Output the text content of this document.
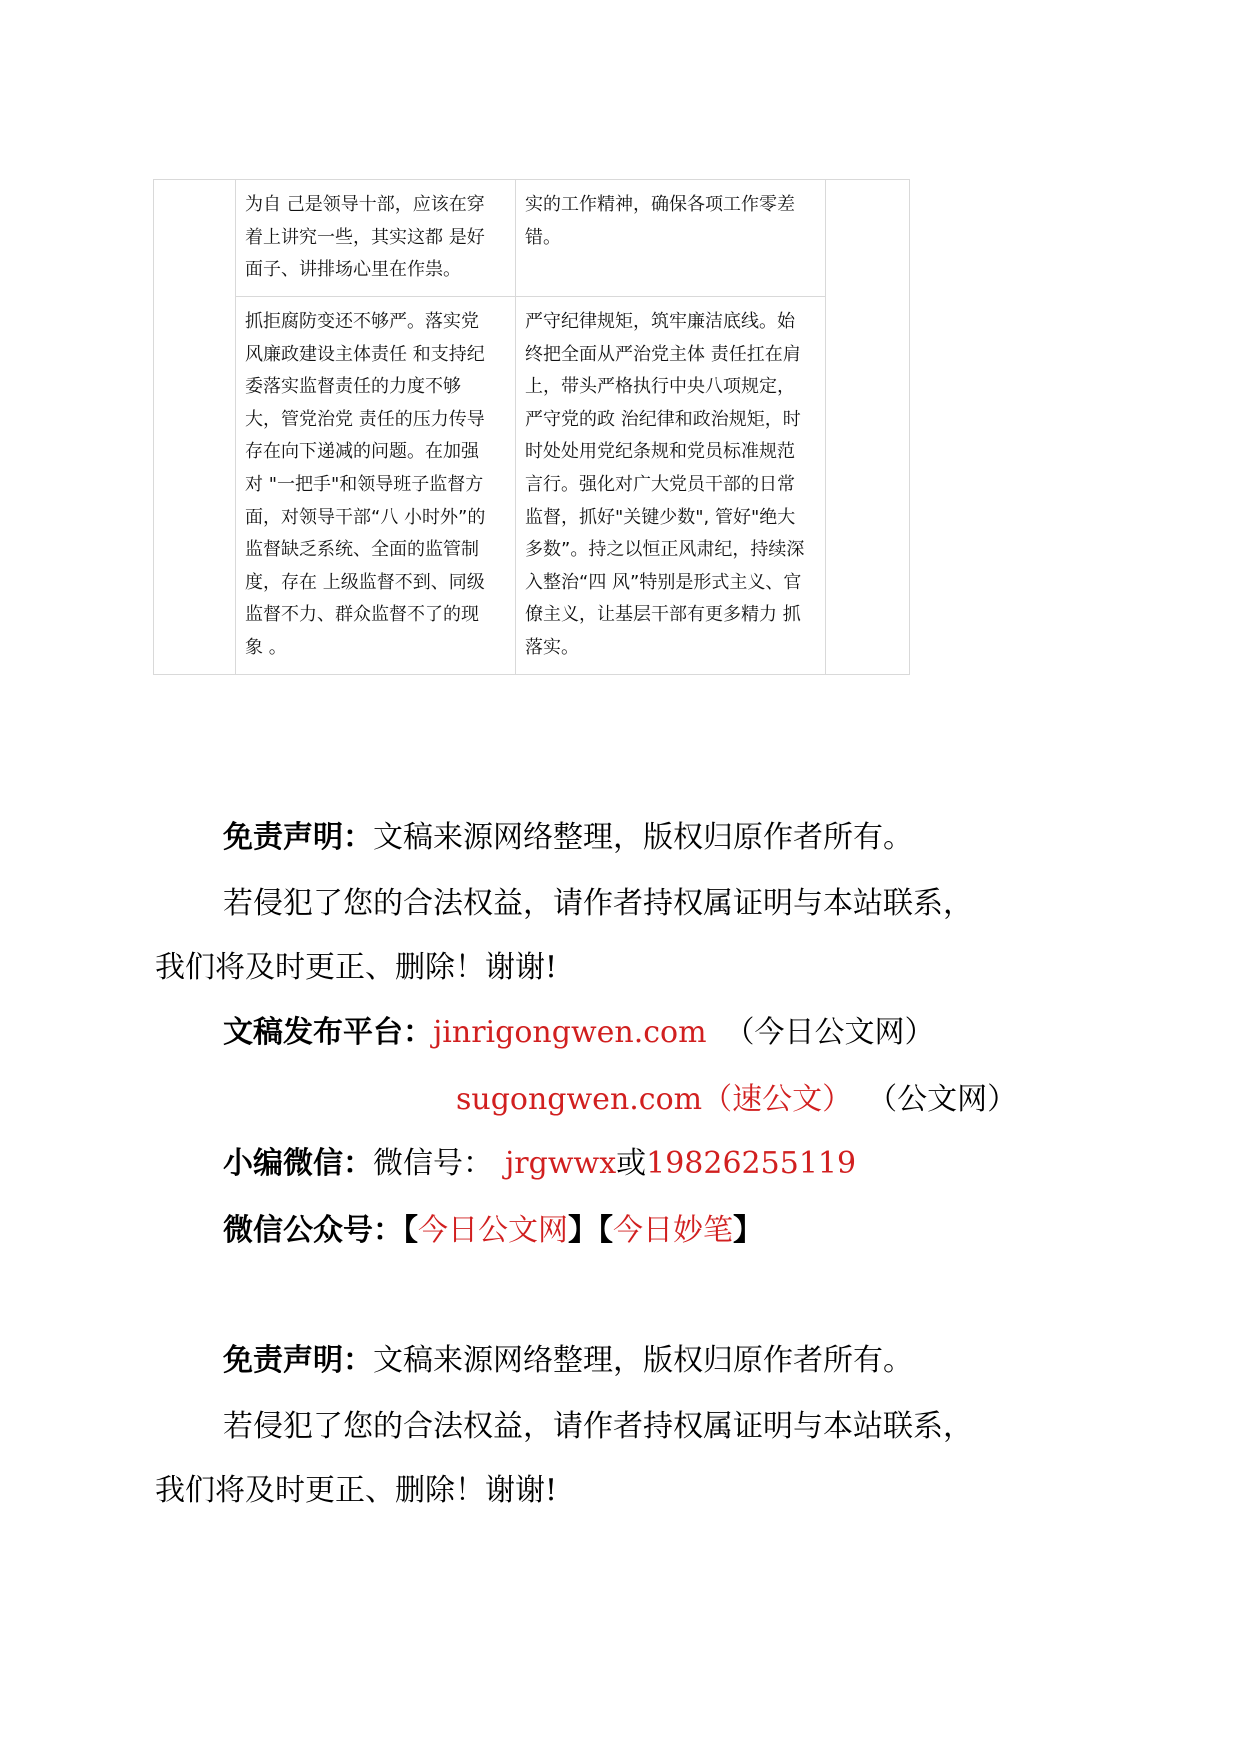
为自 己是领导十部，应该在穿
着上讲究一些，其实这都 是好
面子、讲排场心里在作祟。
实的工作精神，确保各项工作零差
错。
抓拒腐防变还不够严。落实党
风廉政建设主体责任 和支持纪
委落实监督责任的力度不够
大，管党治党 责任的压力传导
存在向下递减的问题。在加强
对 "一把手"和领导班子监督方
面，对领导干部“八 小时外”的
监督缺乏系统、全面的监管制
度，存在 上级监督不到、同级
监督不力、群众监督不了的现
象 。
严守纪律规矩，筑牢廉洁底线。始
终把全面从严治党主体 责任扛在肩
上，带头严格执行中央八项规定，
严守党的政 治纪律和政治规矩，时
时处处用党纪条规和党员标准规范
言行。强化对广大党员干部的日常
监督，抓好"关键少数", 管好"绝大
多数”。持之以恒正风肃纪，持续深
入整治“四 风”特别是形式主义、官
僚主义，让基层干部有更多精力 抓
落实。
免责声明：文稿来源网络整理，版权归原作者所有。
若侵犯了您的合法权益，请作者持权属证明与本站联系，
我们将及时更正、删除！谢谢!
文稿发布平台：jinrigongwen.com （今日公文网）
sugongwen.com（速公文） （公文网）
小编微信：微信号： jrgwwx或19826255119
微信公众号：【今日公文网】【今日妙笔】
免责声明：文稿来源网络整理，版权归原作者所有。
若侵犯了您的合法权益，请作者持权属证明与本站联系，
我们将及时更正、删除！谢谢!
